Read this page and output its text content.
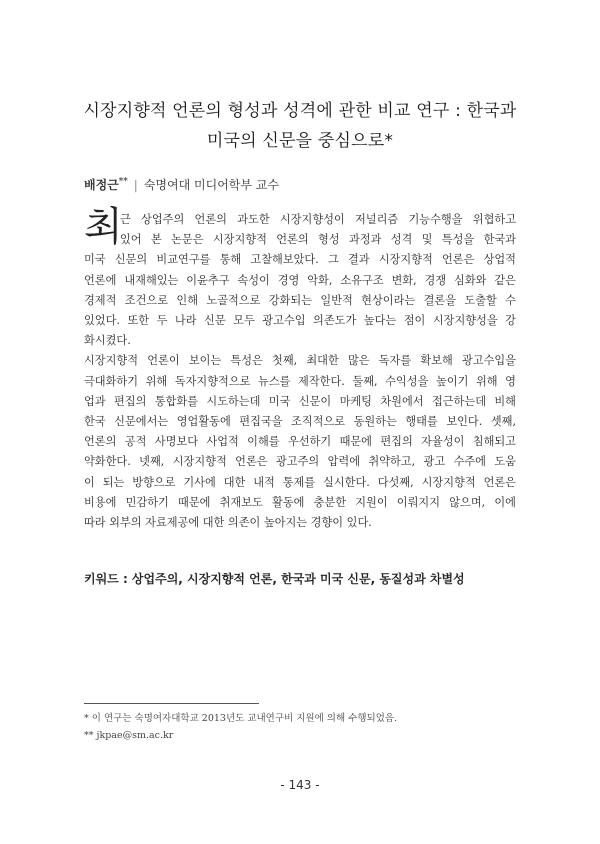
시장지향적 언론의 형성과 성격에 관한 비교 연구 : 한국과
미국의 신문을 중심으로*
배정근** | 숙명여대 미디어학부 교수
최
근 상업주의 언론의 과도한 시장지향성이 저널리즘 기능수행을 위협하고
있어 본 논문은 시장지향적 언론의 형성 과정과 성격 및 특성을 한국과
미국 신문의 비교연구를 통해 고찰해보았다. 그 결과 시장지향적 언론은 상업적
언론에 내재해있는 이윤추구 속성이 경영 악화, 소유구조 변화, 경쟁 심화와 같은
경제적 조건으로 인해 노골적으로 강화되는 일반적 현상이라는 결론을 도출할 수
있었다. 또한 두 나라 신문 모두 광고수입 의존도가 높다는 점이 시장지향성을 강
화시켰다.
시장지향적 언론이 보이는 특성은 첫째, 최대한 많은 독자를 확보해 광고수입을
극대화하기 위해 독자지향적으로 뉴스를 제작한다. 둘째, 수익성을 높이기 위해 영
업과 편집의 통합화를 시도하는데 미국 신문이 마케팅 차원에서 접근하는데 비해
한국 신문에서는 영업활동에 편집국을 조직적으로 동원하는 행태를 보인다. 셋째,
언론의 공적 사명보다 사업적 이해를 우선하기 때문에 편집의 자율성이 침해되고
약화한다. 넷째, 시장지향적 언론은 광고주의 압력에 취약하고, 광고 수주에 도움
이 되는 방향으로 기사에 대한 내적 통제를 실시한다. 다섯째, 시장지향적 언론은
비용에 민감하기 때문에 취재보도 활동에 충분한 지원이 이뤄지지 않으며, 이에
따라 외부의 자료제공에 대한 의존이 높아지는 경향이 있다.
키워드 : 상업주의, 시장지향적 언론, 한국과 미국 신문, 동질성과 차별성
* 이 연구는 숙명여자대학교 2013년도 교내연구비 지원에 의해 수행되었음.
** jkpae@sm.ac.kr
- 143 -
